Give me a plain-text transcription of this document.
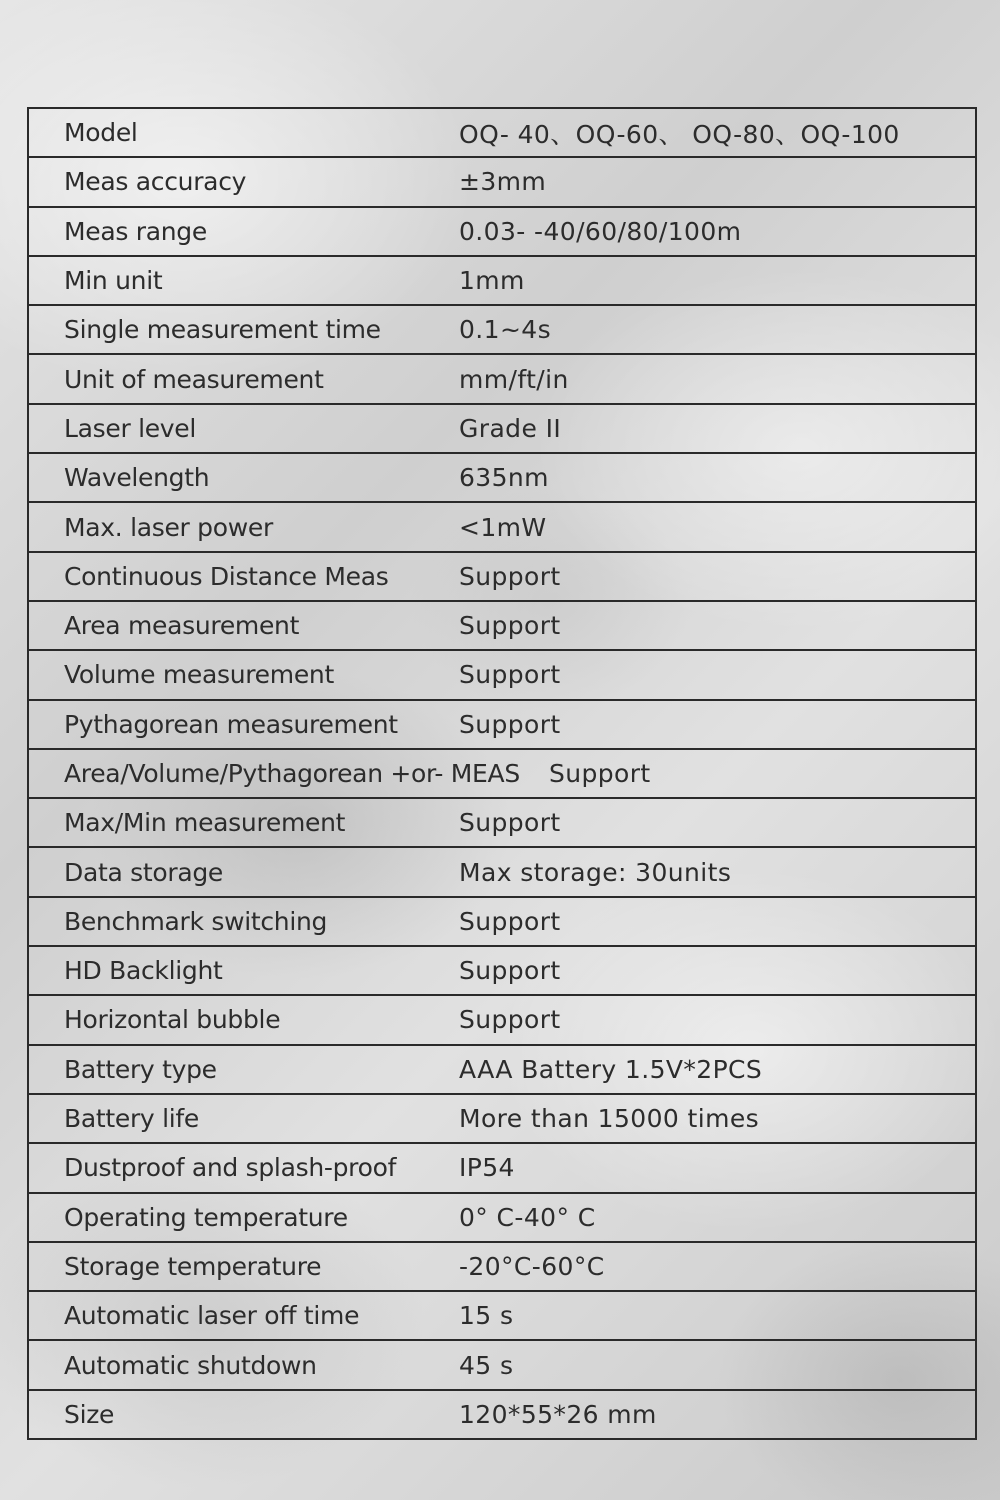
Model	OQ- 40、OQ-60、 OQ-80、OQ-100
Meas accuracy	±3mm
Meas range	0.03- -40/60/80/100m
Min unit	1mm
Single measurement time	0.1~4s
Unit of measurement	mm/ft/in
Laser level	Grade II
Wavelength	635nm
Max. laser power	<1mW
Continuous Distance Meas	Support
Area measurement	Support
Volume measurement	Support
Pythagorean measurement	Support
Area/Volume/Pythagorean +or- MEAS	Support
Max/Min measurement	Support
Data storage	Max storage: 30units
Benchmark switching	Support
HD Backlight	Support
Horizontal bubble	Support
Battery type	AAA Battery 1.5V*2PCS
Battery life	More than 15000 times
Dustproof and splash-proof	IP54
Operating temperature	0° C-40° C
Storage temperature	-20°C-60°C
Automatic laser off time	15 s
Automatic shutdown	45 s
Size	120*55*26 mm
